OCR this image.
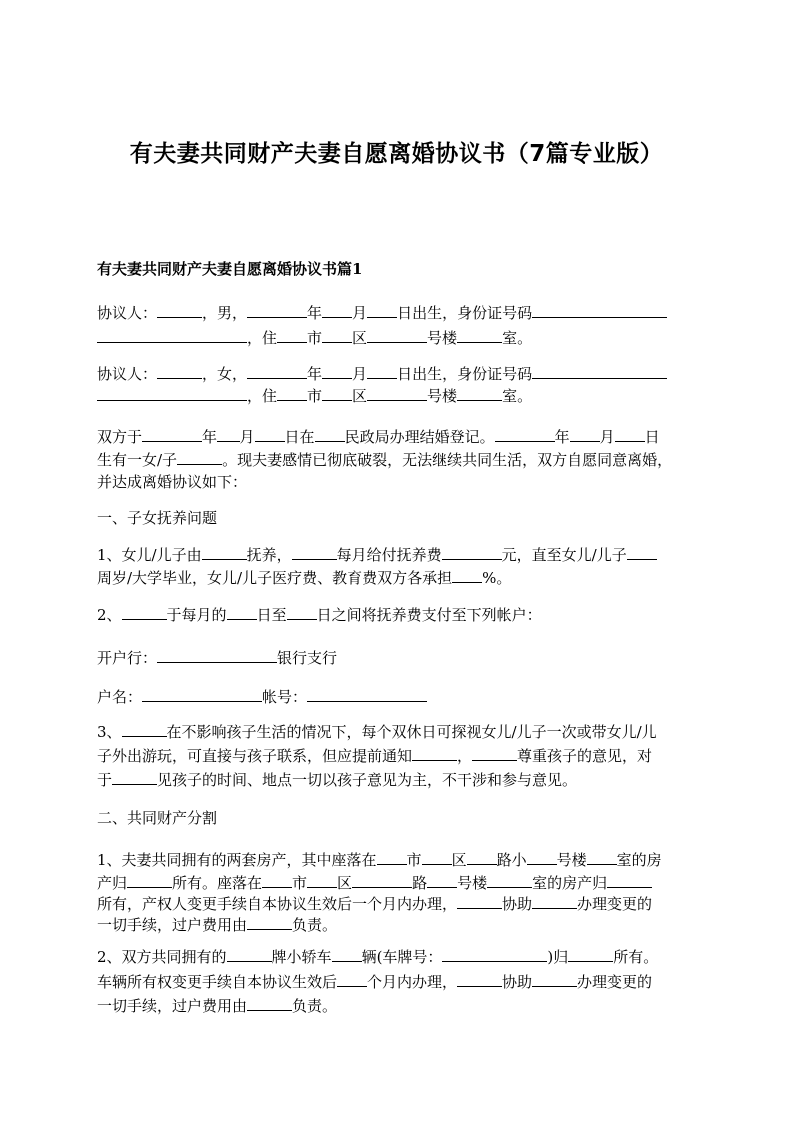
有夫妻共同财产夫妻自愿离婚协议书（7篇专业版）
有夫妻共同财产夫妻自愿离婚协议书篇1
协议人：	，男，	年 月 日出生，身份证号码
，住 市 区	号楼	室。
协议人：	，女，	年 月 日出生，身份证号码
，住 市 区	号楼	室。
双方于	年 月 日在 民政局办理结婚登记。	年 月 日
生有一女/子	。现夫妻感情已彻底破裂，无法继续共同生活，双方自愿同意离婚，
并达成离婚协议如下：
一、子女抚养问题
1、女儿/儿子由	抚养，	每月给付抚养费	元，直至女儿/儿子
周岁/大学毕业，女儿/儿子医疗费、教育费双方各承担 %。
2、	于每月的 日至 日之间将抚养费支付至下列帐户：
开户行：	银行支行
户名：	帐号：
3、	在不影响孩子生活的情况下，每个双休日可探视女儿/儿子一次或带女儿/儿
子外出游玩，可直接与孩子联系，但应提前通知	，	尊重孩子的意见，对
于	见孩子的时间、地点一切以孩子意见为主，不干涉和参与意见。
二、共同财产分割
1、夫妻共同拥有的两套房产，其中座落在 市 区 路小 号楼 室的房
产归	所有。座落在 市 区	路 号楼	室的房产归
所有，产权人变更手续自本协议生效后一个月内办理，	协助	办理变更的
一切手续，过户费用由	负责。
2、双方共同拥有的	牌小轿车 辆(车牌号：	)归	所有。
车辆所有权变更手续自本协议生效后 个月内办理，	协助	办理变更的
一切手续，过户费用由	负责。
